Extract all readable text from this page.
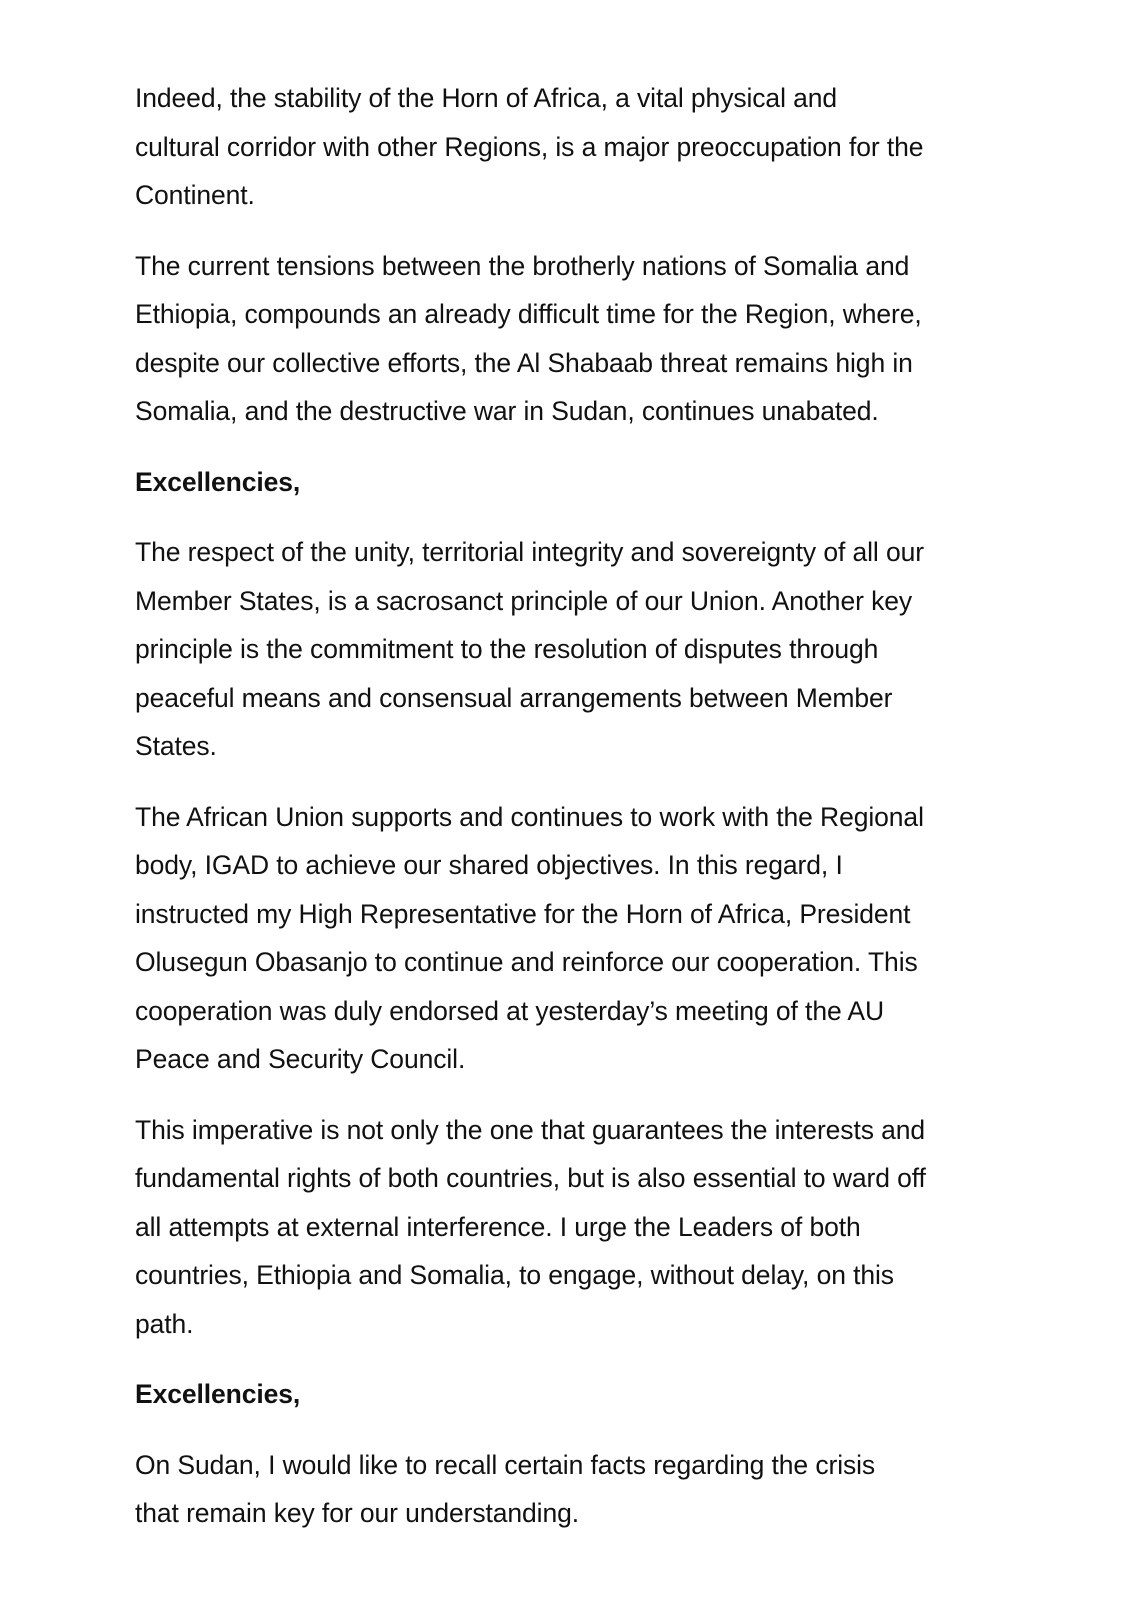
Indeed, the stability of the Horn of Africa, a vital physical and
cultural corridor with other Regions, is a major preoccupation for the
Continent.

The current tensions between the brotherly nations of Somalia and
Ethiopia, compounds an already difficult time for the Region, where,
despite our collective efforts, the Al Shabaab threat remains high in
Somalia, and the destructive war in Sudan, continues unabated.

Excellencies,

The respect of the unity, territorial integrity and sovereignty of all our
Member States, is a sacrosanct principle of our Union. Another key
principle is the commitment to the resolution of disputes through
peaceful means and consensual arrangements between Member
States.

The African Union supports and continues to work with the Regional
body, IGAD to achieve our shared objectives. In this regard, I
instructed my High Representative for the Horn of Africa, President
Olusegun Obasanjo to continue and reinforce our cooperation. This
cooperation was duly endorsed at yesterday’s meeting of the AU
Peace and Security Council.

This imperative is not only the one that guarantees the interests and
fundamental rights of both countries, but is also essential to ward off
all attempts at external interference. I urge the Leaders of both
countries, Ethiopia and Somalia, to engage, without delay, on this
path.

Excellencies,

On Sudan, I would like to recall certain facts regarding the crisis
that remain key for our understanding.
